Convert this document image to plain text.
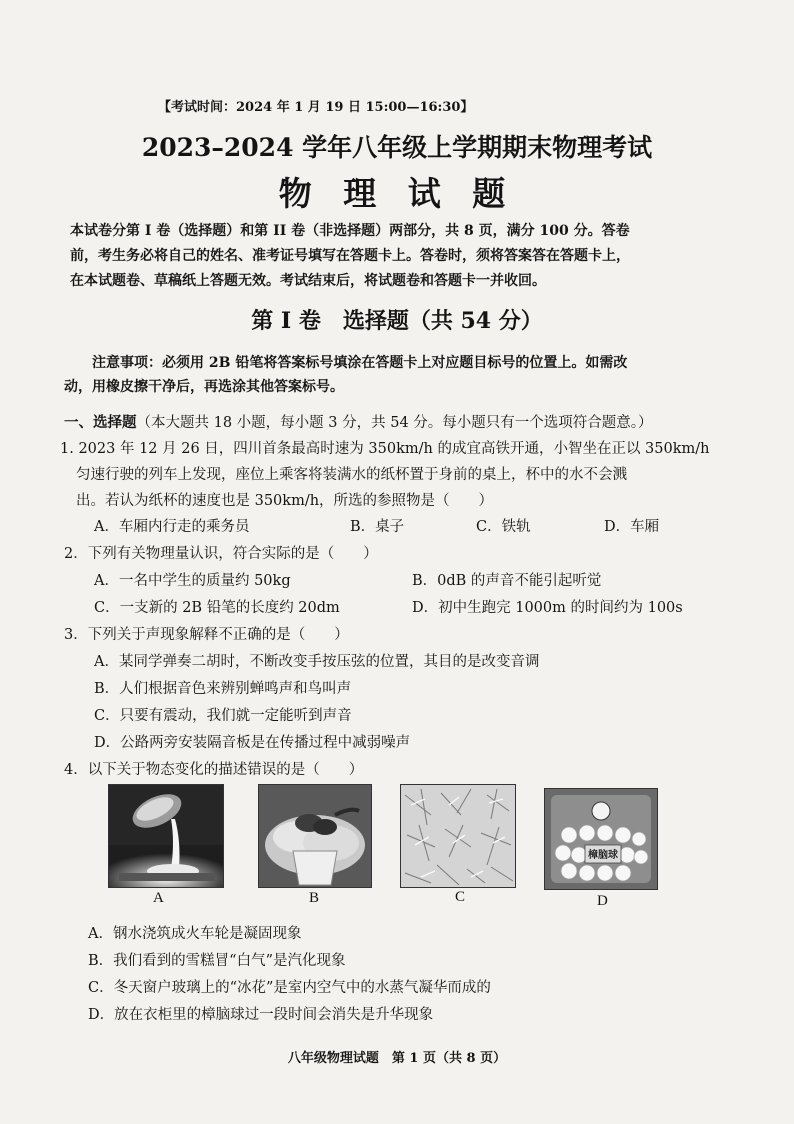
【考试时间：2024 年 1 月 19 日 15:00—16:30】
2023–2024 学年八年级上学期期末物理考试
物 理 试 题
本试卷分第 I 卷（选择题）和第 II 卷（非选择题）两部分，共 8 页，满分 100 分。答卷
前，考生务必将自己的姓名、准考证号填写在答题卡上。答卷时，须将答案答在答题卡上，
在本试题卷、草稿纸上答题无效。考试结束后，将试题卷和答题卡一并收回。
第 I 卷　选择题（共 54 分）
注意事项：必须用 2B 铅笔将答案标号填涂在答题卡上对应题目标号的位置上。如需改
动，用橡皮擦干净后，再选涂其他答案标号。
一、选择题（本大题共 18 小题，每小题 3 分，共 54 分。每小题只有一个选项符合题意。）
1. 2023 年 12 月 26 日，四川首条最高时速为 350km/h 的成宜高铁开通，小智坐在正以 350km/h
匀速行驶的列车上发现，座位上乘客将装满水的纸杯置于身前的桌上，杯中的水不会溅
出。若认为纸杯的速度也是 350km/h，所选的参照物是（　　）
A．车厢内行走的乘务员	B．桌子	C．铁轨	D．车厢
2．下列有关物理量认识，符合实际的是（　　）
A．一名中学生的质量约 50kg	B．0dB 的声音不能引起听觉
C．一支新的 2B 铅笔的长度约 20dm	D．初中生跑完 1000m 的时间约为 100s
3．下列关于声现象解释不正确的是（　　）
A．某同学弹奏二胡时，不断改变手按压弦的位置，其目的是改变音调
B．人们根据音色来辨别蝉鸣声和鸟叫声
C．只要有震动，我们就一定能听到声音
D．公路两旁安装隔音板是在传播过程中减弱噪声
4．以下关于物态变化的描述错误的是（　　）
樟脑球
A	B	C	D
A．钢水浇筑成火车轮是凝固现象
B．我们看到的雪糕冒“白气”是汽化现象
C．冬天窗户玻璃上的“冰花”是室内空气中的水蒸气凝华而成的
D．放在衣柜里的樟脑球过一段时间会消失是升华现象
八年级物理试题　第 1 页（共 8 页）
